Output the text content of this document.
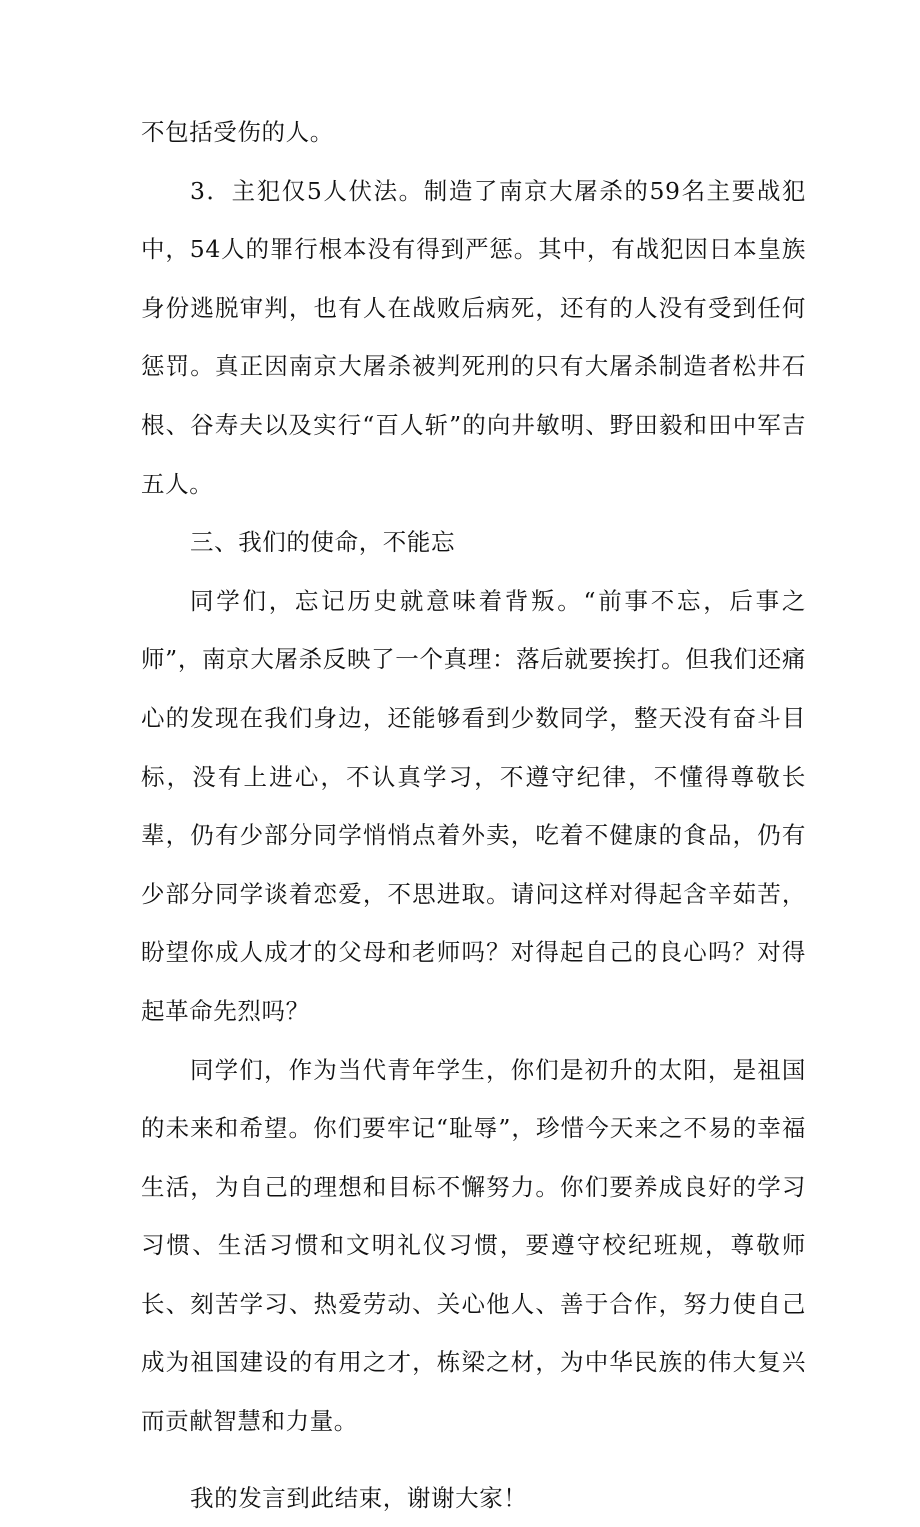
不包括受伤的人。

3．主犯仅5人伏法。制造了南京大屠杀的59名主要战犯中，54人的罪行根本没有得到严惩。其中，有战犯因日本皇族身份逃脱审判，也有人在战败后病死，还有的人没有受到任何惩罚。真正因南京大屠杀被判死刑的只有大屠杀制造者松井石根、谷寿夫以及实行“百人斩”的向井敏明、野田毅和田中军吉五人。

三、我们的使命，不能忘

同学们，忘记历史就意味着背叛。“前事不忘，后事之师”，南京大屠杀反映了一个真理：落后就要挨打。但我们还痛心的发现在我们身边，还能够看到少数同学，整天没有奋斗目标，没有上进心，不认真学习，不遵守纪律，不懂得尊敬长辈，仍有少部分同学悄悄点着外卖，吃着不健康的食品，仍有少部分同学谈着恋爱，不思进取。请问这样对得起含辛茹苦，盼望你成人成才的父母和老师吗？对得起自己的良心吗？对得起革命先烈吗？

同学们，作为当代青年学生，你们是初升的太阳，是祖国的未来和希望。你们要牢记“耻辱”，珍惜今天来之不易的幸福生活，为自己的理想和目标不懈努力。你们要养成良好的学习习惯、生活习惯和文明礼仪习惯，要遵守校纪班规，尊敬师长、刻苦学习、热爱劳动、关心他人、善于合作，努力使自己成为祖国建设的有用之才，栋梁之材，为中华民族的伟大复兴而贡献智慧和力量。

我的发言到此结束，谢谢大家！
